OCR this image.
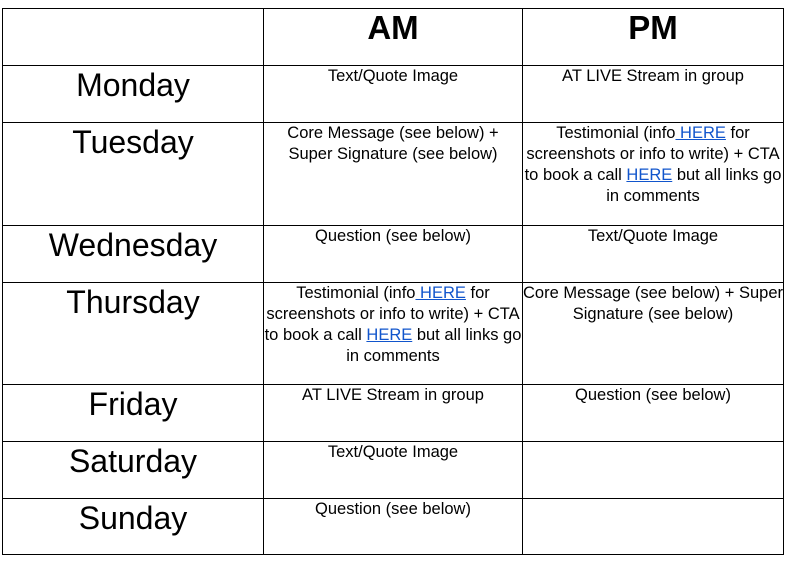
	AM	PM
Monday	Text/Quote Image	AT LIVE Stream in group
Tuesday	Core Message (see below) + Super Signature (see below)	Testimonial (info HERE for screenshots or info to write) + CTA to book a call HERE but all links go in comments
Wednesday	Question (see below)	Text/Quote Image
Thursday	Testimonial (info HERE for screenshots or info to write) + CTA to book a call HERE but all links go in comments	Core Message (see below) + Super Signature (see below)
Friday	AT LIVE Stream in group	Question (see below)
Saturday	Text/Quote Image	
Sunday	Question (see below)	
